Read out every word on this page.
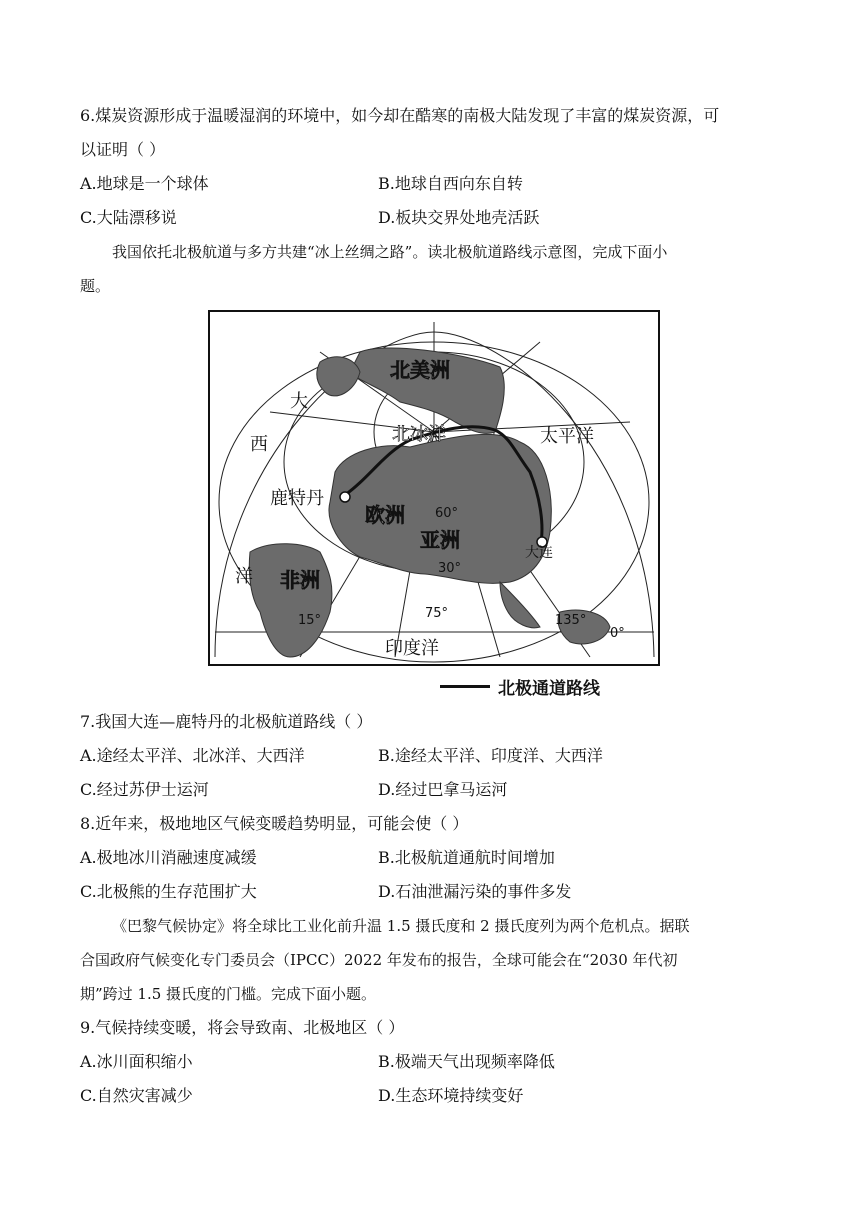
6.煤炭资源形成于温暖湿润的环境中，如今却在酷寒的南极大陆发现了丰富的煤炭资源，可
以证明（ ）
A.地球是一个球体	B.地球自西向东自转
C.大陆漂移说	D.板块交界处地壳活跃
我国依托北极航道与多方共建“冰上丝绸之路”。读北极航道路线示意图，完成下面小
题。
北美洲
欧洲
亚洲
非洲
太平洋
印度洋
大
西
洋
北冰洋
鹿特丹
大连
60°
30°
15°	75°	135°
0°
北极通道路线
7.我国大连—鹿特丹的北极航道路线（ ）
A.途经太平洋、北冰洋、大西洋	B.途经太平洋、印度洋、大西洋
C.经过苏伊士运河	D.经过巴拿马运河
8.近年来，极地地区气候变暖趋势明显，可能会使（ ）
A.极地冰川消融速度减缓	B.北极航道通航时间增加
C.北极熊的生存范围扩大	D.石油泄漏污染的事件多发
《巴黎气候协定》将全球比工业化前升温 1.5 摄氏度和 2 摄氏度列为两个危机点。据联
合国政府气候变化专门委员会（IPCC）2022 年发布的报告，全球可能会在“2030 年代初
期”跨过 1.5 摄氏度的门槛。完成下面小题。
9.气候持续变暖，将会导致南、北极地区（ ）
A.冰川面积缩小	B.极端天气出现频率降低
C.自然灾害减少	D.生态环境持续变好
